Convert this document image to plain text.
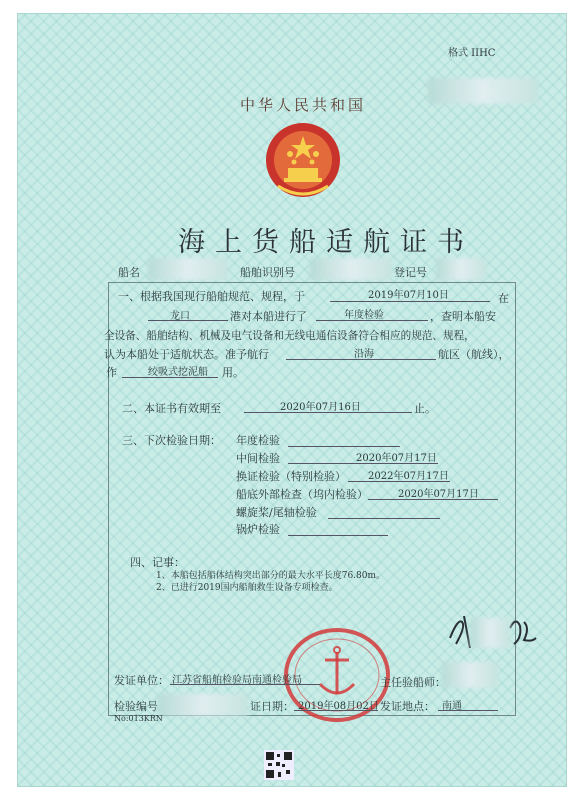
格式 IIHC
中华人民共和国
海上货船适航证书
船名	船舶识别号	登记号
一、根据我国现行船舶规范、规程，于	2019年07月10日	在
龙口	港对本船进行了	年度检验	，查明本船安
全设备、船舶结构、机械及电气设备和无线电通信设备符合相应的规范、规程，
认为本船处于适航状态。准予航行	沿海	航区（航线），
作	绞吸式挖泥船 用。
二、本证书有效期至	2020年07月16日	止。
三、下次检验日期： 年度检验
中间检验	2020年07月17日
换证检验（特别检验） 2022年07月17日
船底外部检查（坞内检验）	2020年07月17日
螺旋桨/尾轴检验
锅炉检验
四、记事：
1、本船包括船体结构突出部分的最大水平长度76.80m。
2、已进行2019国内船舶救生设备专项检查。
发证单位： 江苏省船舶检验局南通检验局	主任验船师：
检验编号	证日期： 2019年08月02日 发证地点： 南通
No:013KRN
